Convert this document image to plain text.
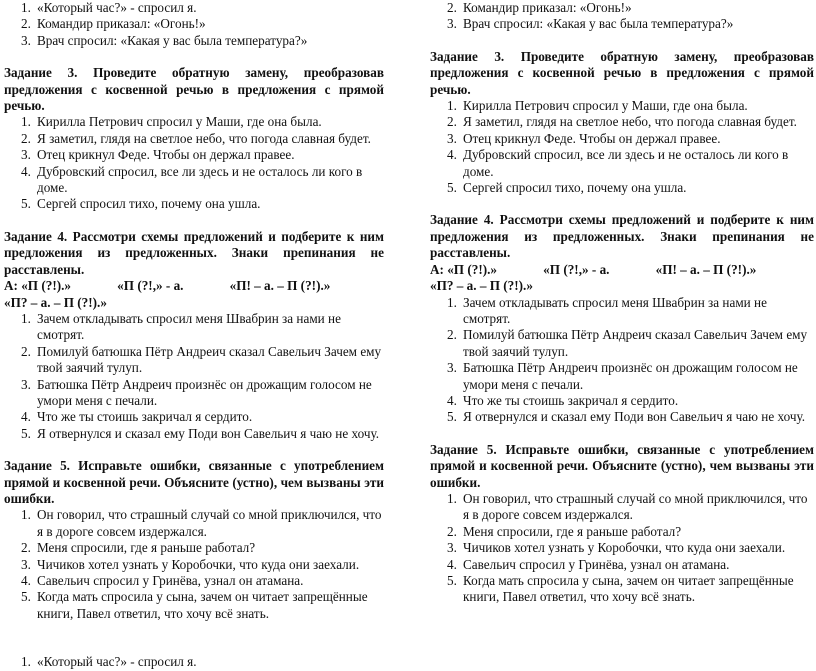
1. «Который час?» - спросил я.
2. Командир приказал: «Огонь!»
3. Врач спросил: «Какая у вас была температура?»

Задание 3. Проведите обратную замену, преобразовав предложения с косвенной речью в предложения с прямой речью.

1. Кирилла Петрович спросил у Маши, где она была.
2. Я заметил, глядя на светлое небо, что погода славная будет.
3. Отец крикнул Феде. Чтобы он держал правее.
4. Дубровский спросил, все ли здесь и не осталось ли кого в доме.
5. Сергей спросил тихо, почему она ушла.

Задание 4. Рассмотри схемы предложений и подберите к ним предложения из предложенных. Знаки препинания не расставлены.

А: «П (?!).»              «П (?!,» - а.              «П! – а. – П (?!).»

«П? – а. – П (?!).»

1. Зачем откладывать спросил меня Швабрин за нами не смотрят.
2. Помилуй батюшка Пётр Андреич сказал Савельич Зачем ему твой заячий тулуп.
3. Батюшка Пётр Андреич произнёс он дрожащим голосом не умори меня с печали.
4. Что же ты стоишь закричал я сердито.
5. Я отвернулся и сказал ему Поди вон Савельич я чаю не хочу.

Задание 5. Исправьте ошибки, связанные с употреблением прямой и косвенной речи. Объясните (устно), чем вызваны эти ошибки.

1. Он говорил, что страшный случай со мной приключился, что я в дороге совсем издержался.
2. Меня спросили, где я раньше работал?
3. Чичиков хотел узнать у Коробочки, что куда они заехали.
4. Савельич спросил у Гринёва, узнал он атамана.
5. Когда мать спросила у сына, зачем он читает запрещённые книги, Павел ответил, что хочу всё знать.
1. «Который час?» - спросил я.
2. Командир приказал: «Огонь!»
3. Врач спросил: «Какая у вас была температура?»

Задание 3. Проведите обратную замену, преобразовав предложения с косвенной речью в предложения с прямой речью.

1. Кирилла Петрович спросил у Маши, где она была.
2. Я заметил, глядя на светлое небо, что погода славная будет.
3. Отец крикнул Феде. Чтобы он держал правее.
4. Дубровский спросил, все ли здесь и не осталось ли кого в доме.
5. Сергей спросил тихо, почему она ушла.

Задание 4. Рассмотри схемы предложений и подберите к ним предложения из предложенных. Знаки препинания не расставлены.

А: «П (?!).»              «П (?!,» - а.              «П! – а. – П (?!).»

«П? – а. – П (?!).»

1. Зачем откладывать спросил меня Швабрин за нами не смотрят.
2. Помилуй батюшка Пётр Андреич сказал Савельич Зачем ему твой заячий тулуп.
3. Батюшка Пётр Андреич произнёс он дрожащим голосом не умори меня с печали.
4. Что же ты стоишь закричал я сердито.
5. Я отвернулся и сказал ему Поди вон Савельич я чаю не хочу.

Задание 5. Исправьте ошибки, связанные с употреблением прямой и косвенной речи. Объясните (устно), чем вызваны эти ошибки.

1. Он говорил, что страшный случай со мной приключился, что я в дороге совсем издержался.
2. Меня спросили, где я раньше работал?
3. Чичиков хотел узнать у Коробочки, что куда они заехали.
4. Савельич спросил у Гринёва, узнал он атамана.
5. Когда мать спросила у сына, зачем он читает запрещённые книги, Павел ответил, что хочу всё знать.
